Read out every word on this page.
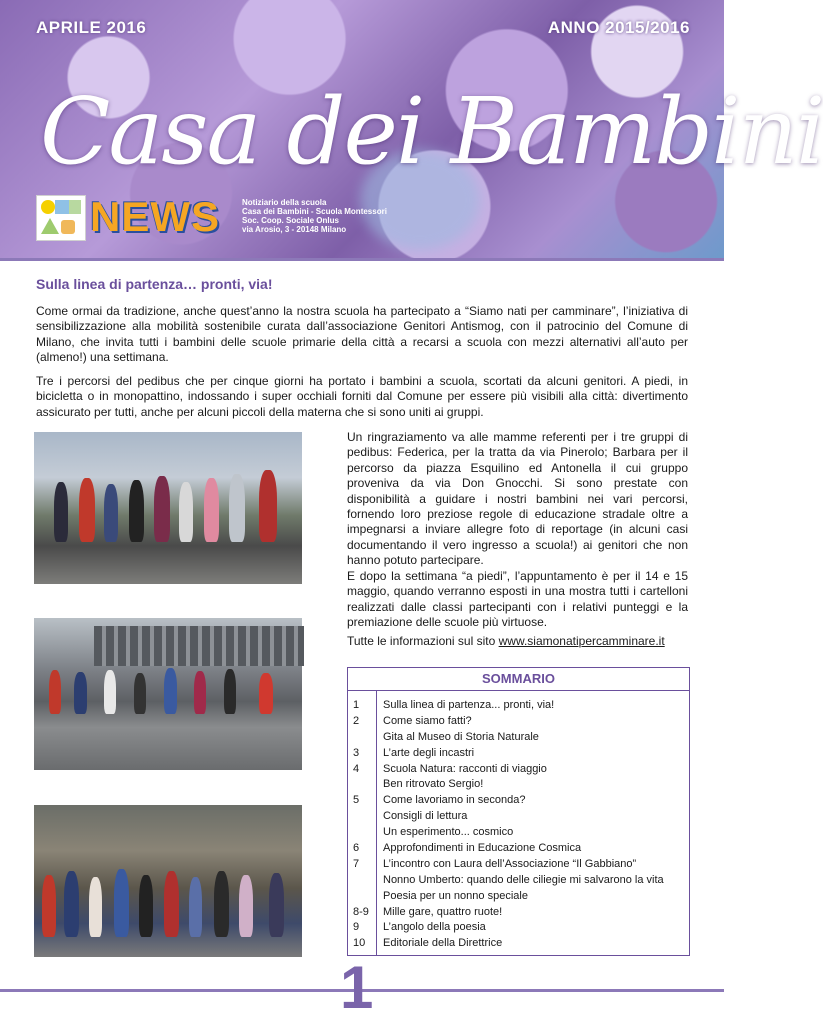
APRILE 2016	ANNO 2015/2016
Casa dei Bambini
NEWS	Notiziario della scuola
Casa dei Bambini - Scuola Montessori
Soc. Coop. Sociale Onlus
via Arosio, 3 - 20148 Milano
Sulla linea di partenza… pronti, via!

Come ormai da tradizione, anche quest’anno la nostra scuola ha partecipato a “Siamo nati per camminare”, l’iniziativa di sensibilizzazione alla mobilità sostenibile curata dall’associazione Genitori Antismog, con il patrocinio del Comune di Milano, che invita tutti i bambini delle scuole primarie della città a recarsi a scuola con mezzi alternativi all’auto per (almeno!) una settimana.

Tre i percorsi del pedibus che per cinque giorni ha portato i bambini a scuola, scortati da alcuni genitori. A piedi, in bicicletta o in monopattino, indossando i super occhiali forniti dal Comune per essere più visibili alla città: divertimento assicurato per tutti, anche per alcuni piccoli della materna che si sono uniti ai gruppi.

Un ringraziamento va alle mamme referenti per i tre gruppi di pedibus: Federica, per la tratta da via Pinerolo; Barbara per il percorso da piazza Esquilino ed Antonella il cui gruppo proveniva da via Don Gnocchi. Si sono prestate con disponibilità a guidare i nostri bambini nei vari percorsi, fornendo loro preziose regole di educazione stradale oltre a impegnarsi a inviare allegre foto di reportage (in alcuni casi documentando il vero ingresso a scuola!) ai genitori che non hanno potuto partecipare.

E dopo la settimana “a piedi”, l’appuntamento è per il 14 e 15 maggio, quando verranno esposti in una mostra tutti i cartelloni realizzati dalle classi partecipanti con i relativi punteggi e la premiazione delle scuole più virtuose.

Tutte le informazioni sul sito www.siamonatipercamminare.it

SOMMARIO
1 Sulla linea di partenza... pronti, via!
2 Come siamo fatti?
Gita al Museo di Storia Naturale
3 L’arte degli incastri
4 Scuola Natura: racconti di viaggio
Ben ritrovato Sergio!
5 Come lavoriamo in seconda?
Consigli di lettura
Un esperimento... cosmico
6 Approfondimenti in Educazione Cosmica
7 L’incontro con Laura dell’Associazione “Il Gabbiano”
Nonno Umberto: quando delle ciliegie mi salvarono la vita
Poesia per un nonno speciale
8-9 Mille gare, quattro ruote!
9 L’angolo della poesia
10 Editoriale della Direttrice
1
